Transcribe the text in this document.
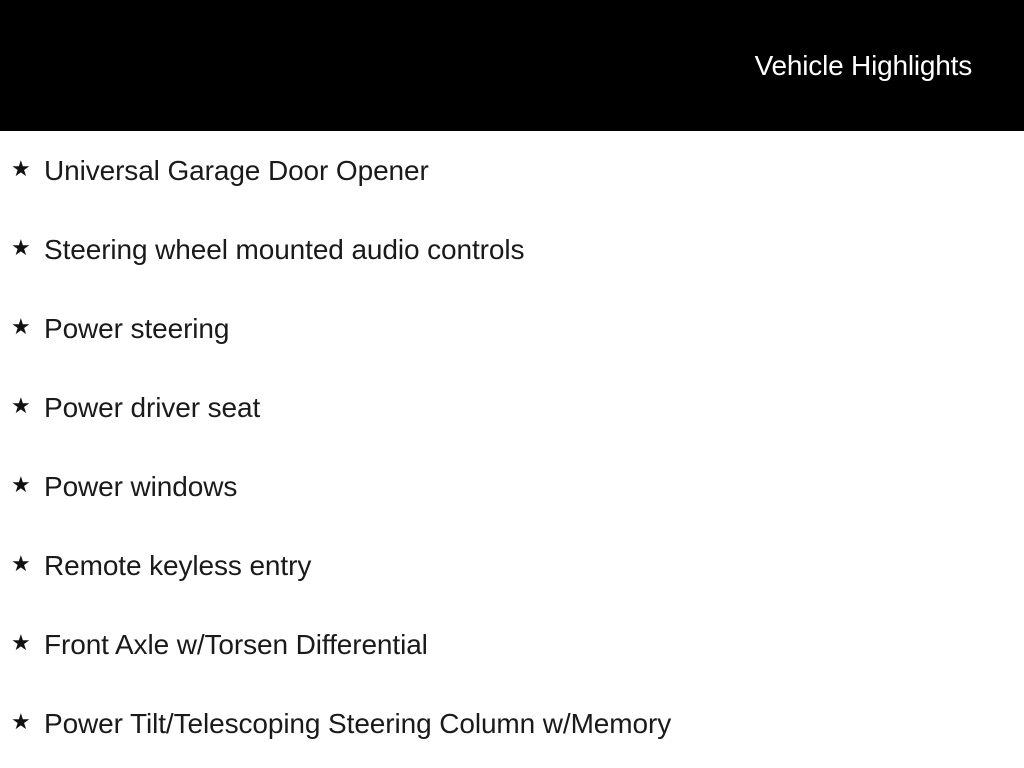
Vehicle Highlights
★ Universal Garage Door Opener
★ Steering wheel mounted audio controls
★ Power steering
★ Power driver seat
★ Power windows
★ Remote keyless entry
★ Front Axle w/Torsen Differential
★ Power Tilt/Telescoping Steering Column w/Memory
